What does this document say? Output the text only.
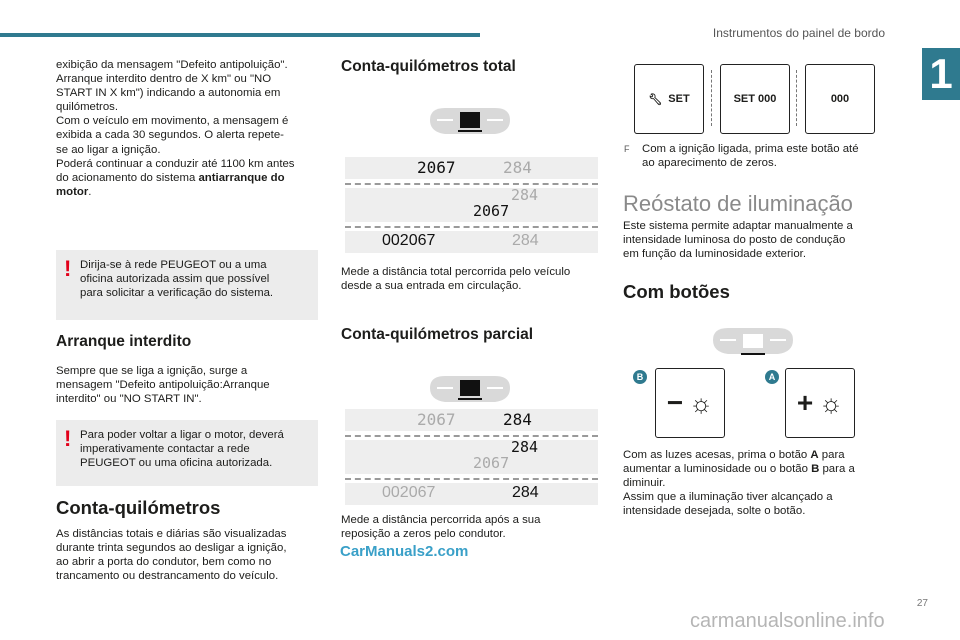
Instrumentos do painel de bordo
1
exibição da mensagem "Defeito antipoluição".
Arranque interdito dentro de X km" ou "NO
START IN X km") indicando a autonomia em
quilómetros.
Com o veículo em movimento, a mensagem é
exibida a cada 30 segundos. O alerta repete-
se ao ligar a ignição.
Poderá continuar a conduzir até 1100 km antes
do acionamento do sistema antiarranque do
motor.
! Dirija-se à rede PEUGEOT ou a uma
oficina autorizada assim que possível
para solicitar a verificação do sistema.
Arranque interdito
Sempre que se liga a ignição, surge a
mensagem "Defeito antipoluição:Arranque
interdito" ou "NO START IN".
! Para poder voltar a ligar o motor, deverá
imperativamente contactar a rede
PEUGEOT ou uma oficina autorizada.
Conta-quilómetros
As distâncias totais e diárias são visualizadas
durante trinta segundos ao desligar a ignição,
ao abrir a porta do condutor, bem como no
trancamento ou destrancamento do veículo.
Conta-quilómetros total
2067	284
284
2067
002067	284
Mede a distância total percorrida pelo veículo
desde a sua entrada em circulação.
Conta-quilómetros parcial
2067	284
284
2067
002067	284
Mede a distância percorrida após a sua
reposição a zeros pelo condutor.
CarManuals2.com
🔧︎ SET	SET 000	000
F Com a ignição ligada, prima este botão até
ao aparecimento de zeros.
Reóstato de iluminação
Este sistema permite adaptar manualmente a
intensidade luminosa do posto de condução
em função da luminosidade exterior.
Com botões
B
− ☼
A
+ ☼
Com as luzes acesas, prima o botão A para
aumentar a luminosidade ou o botão B para a
diminuir.
Assim que a iluminação tiver alcançado a
intensidade desejada, solte o botão.
27
carmanualsonline.info
